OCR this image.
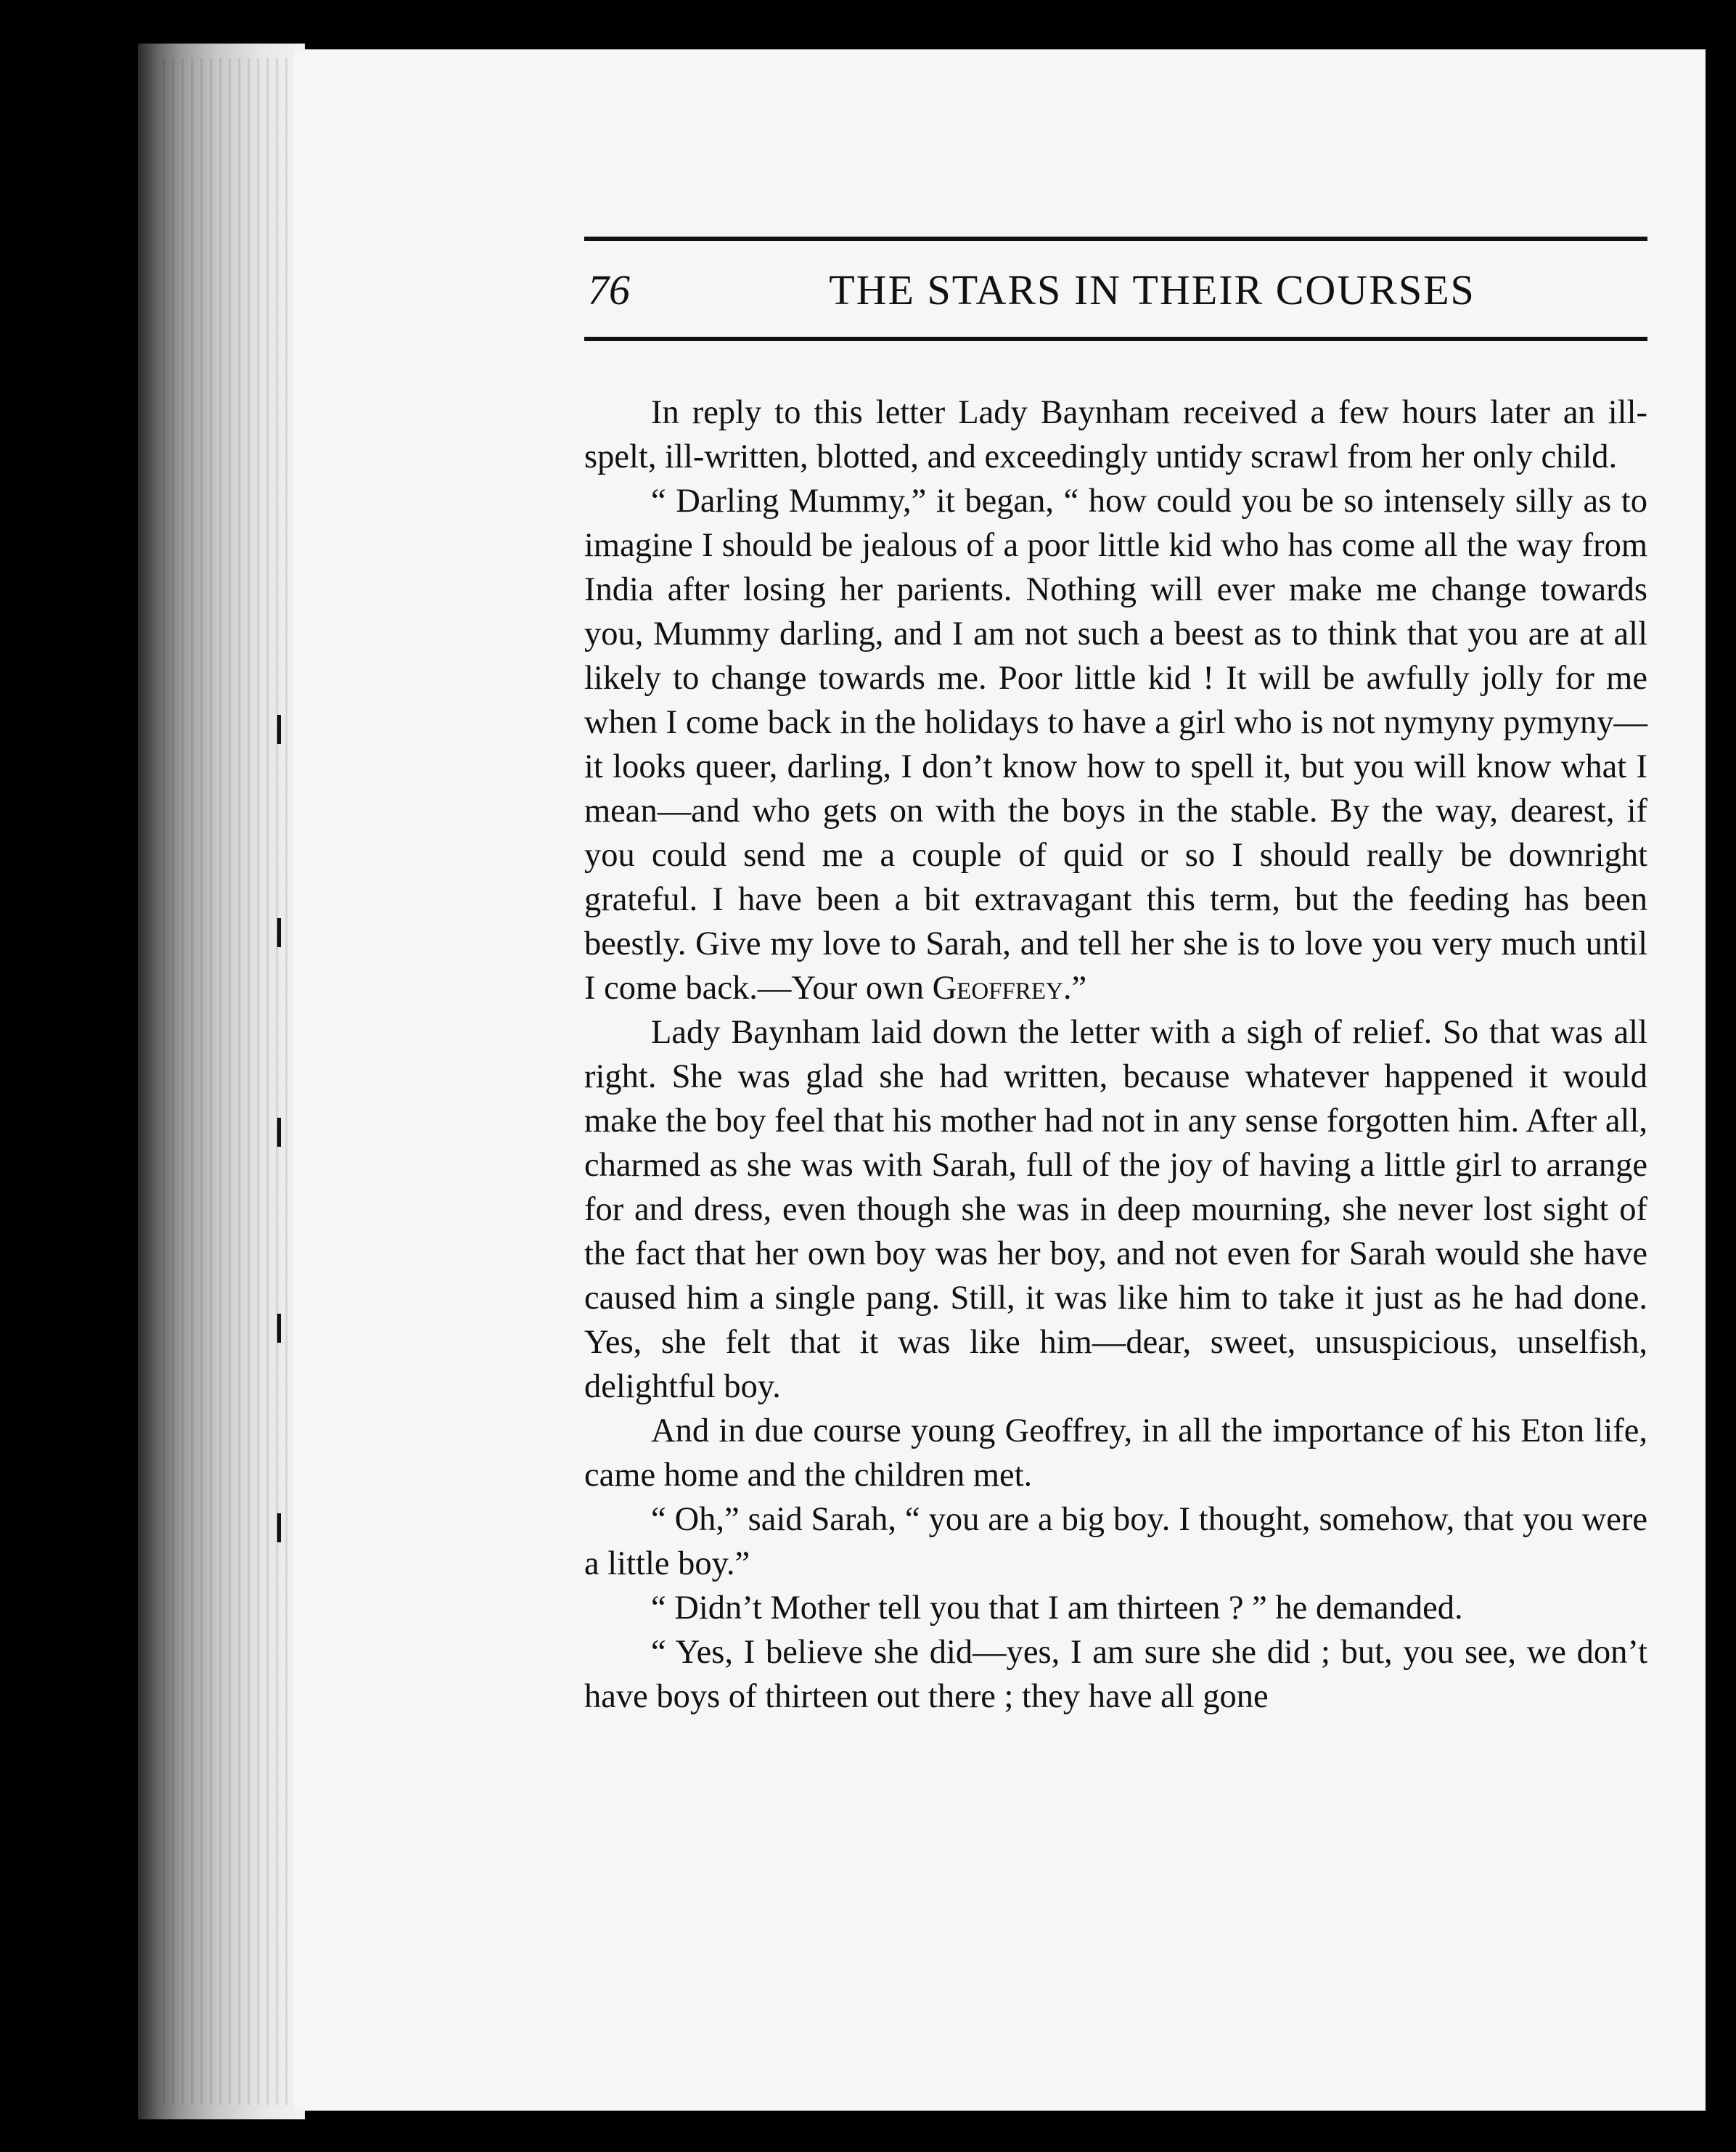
76	THE STARS IN THEIR COURSES

In reply to this letter Lady Baynham received a few hours later an ill-spelt, ill-written, blotted, and exceedingly untidy scrawl from her only child.

“ Darling Mummy,” it began, “ how could you be so intensely silly as to imagine I should be jealous of a poor little kid who has come all the way from India after losing her parients. Nothing will ever make me change towards you, Mummy darling, and I am not such a beest as to think that you are at all likely to change towards me. Poor little kid ! It will be awfully jolly for me when I come back in the holidays to have a girl who is not nymyny pymyny—it looks queer, darling, I don’t know how to spell it, but you will know what I mean—and who gets on with the boys in the stable. By the way, dearest, if you could send me a couple of quid or so I should really be downright grateful. I have been a bit extravagant this term, but the feeding has been beestly. Give my love to Sarah, and tell her she is to love you very much until I come back.—Your own Geoffrey.”

Lady Baynham laid down the letter with a sigh of relief. So that was all right. She was glad she had written, because whatever happened it would make the boy feel that his mother had not in any sense forgotten him. After all, charmed as she was with Sarah, full of the joy of having a little girl to arrange for and dress, even though she was in deep mourning, she never lost sight of the fact that her own boy was her boy, and not even for Sarah would she have caused him a single pang. Still, it was like him to take it just as he had done. Yes, she felt that it was like him—dear, sweet, unsuspicious, unselfish, delightful boy.

And in due course young Geoffrey, in all the importance of his Eton life, came home and the children met.

“ Oh,” said Sarah, “ you are a big boy. I thought, somehow, that you were a little boy.”

“ Didn’t Mother tell you that I am thirteen ? ” he demanded.

“ Yes, I believe she did—yes, I am sure she did ; but, you see, we don’t have boys of thirteen out there ; they have all gone
